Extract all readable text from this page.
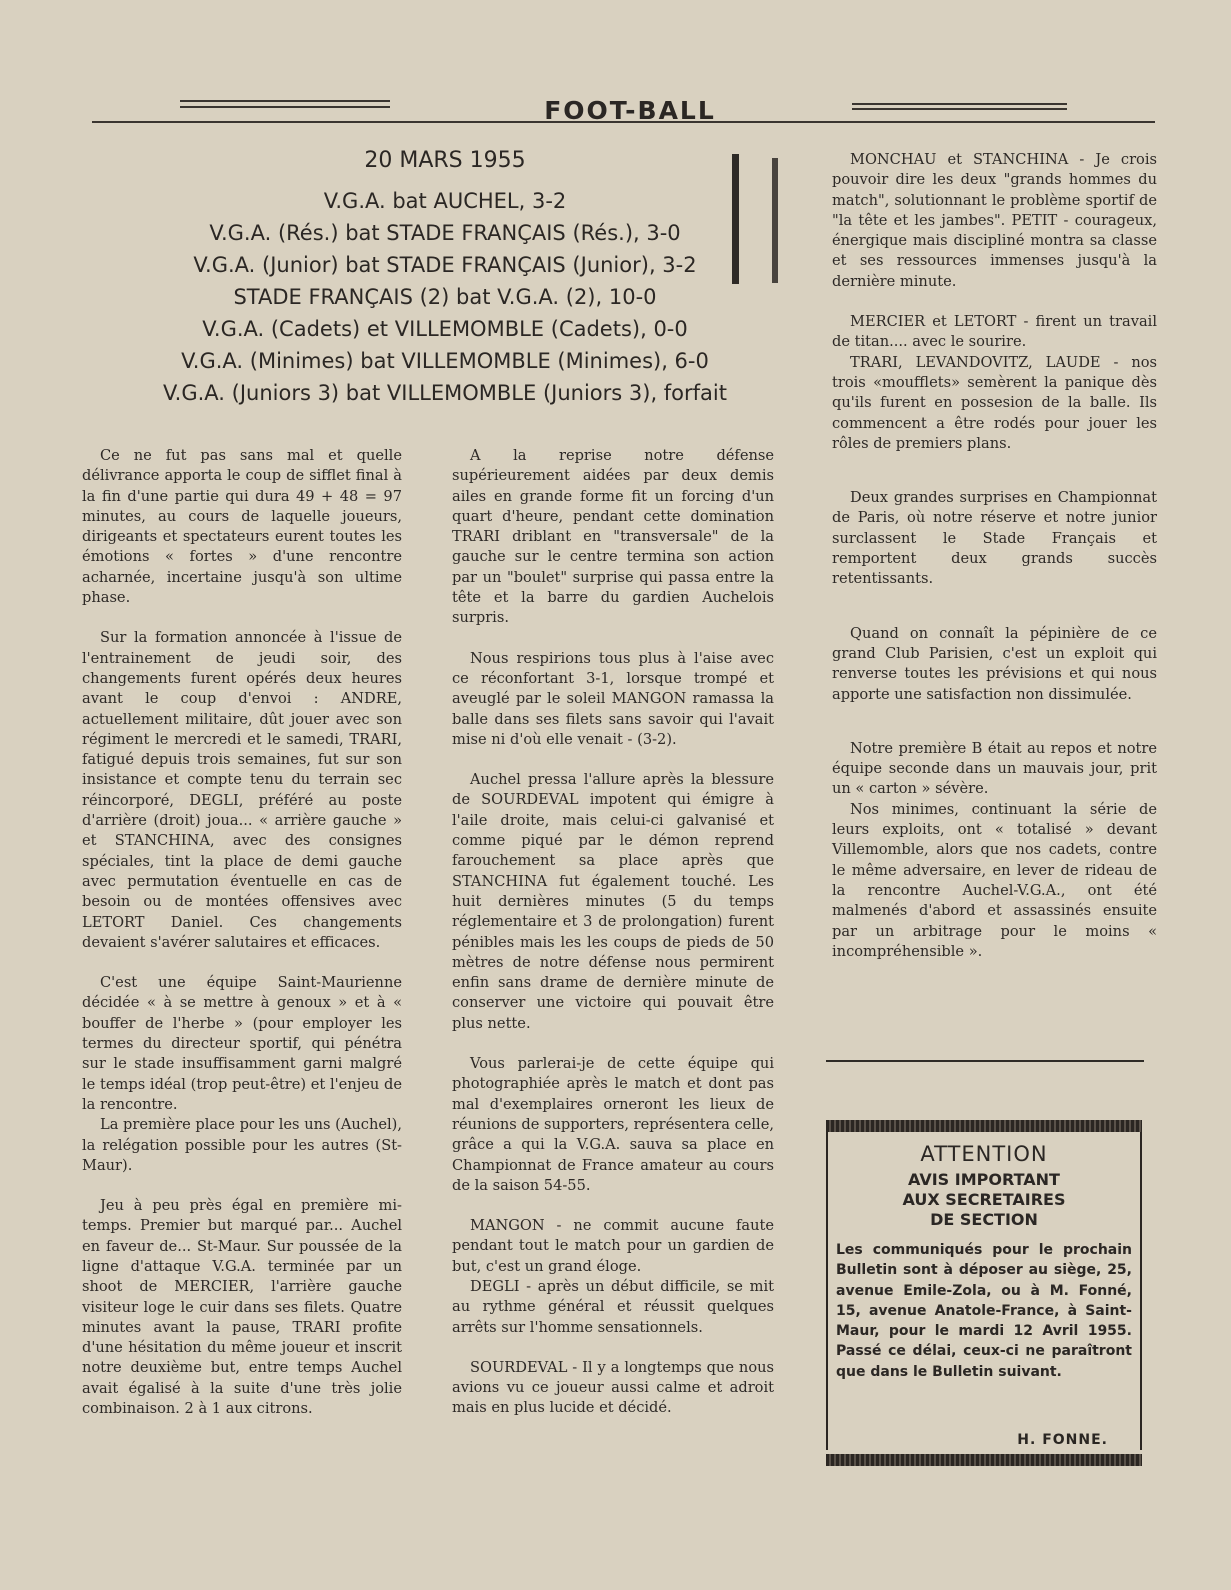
FOOT-BALL
20 MARS 1955
V.G.A. bat AUCHEL, 3-2
V.G.A. (Rés.) bat STADE FRANÇAIS (Rés.), 3-0
V.G.A. (Junior) bat STADE FRANÇAIS (Junior), 3-2
STADE FRANÇAIS (2) bat V.G.A. (2), 10-0
V.G.A. (Cadets) et VILLEMOMBLE (Cadets), 0-0
V.G.A. (Minimes) bat VILLEMOMBLE (Minimes), 6-0
V.G.A. (Juniors 3) bat VILLEMOMBLE (Juniors 3), forfait

Ce ne fut pas sans mal et quelle délivrance apporta le coup de sifflet final à la fin d'une partie qui dura 49 + 48 = 97 minutes, au cours de laquelle joueurs, dirigeants et spectateurs eurent toutes les émotions « fortes » d'une rencontre acharnée, incertaine jusqu'à son ultime phase.

Sur la formation annoncée à l'issue de l'entrainement de jeudi soir, des changements furent opérés deux heures avant le coup d'envoi : ANDRE, actuellement militaire, dût jouer avec son régiment le mercredi et le samedi, TRARI, fatigué depuis trois semaines, fut sur son insistance et compte tenu du terrain sec réincorporé, DEGLI, préféré au poste d'arrière (droit) joua... « arrière gauche » et STANCHINA, avec des consignes spéciales, tint la place de demi gauche avec permutation éventuelle en cas de besoin ou de montées offensives avec LETORT Daniel. Ces changements devaient s'avérer salutaires et efficaces.

C'est une équipe Saint-Maurienne décidée « à se mettre à genoux » et à « bouffer de l'herbe » (pour employer les termes du directeur sportif, qui pénétra sur le stade insuffisamment garni malgré le temps idéal (trop peut-être) et l'enjeu de la rencontre.

La première place pour les uns (Auchel), la relégation possible pour les autres (St-Maur).

Jeu à peu près égal en première mi-temps. Premier but marqué par... Auchel en faveur de... St-Maur. Sur poussée de la ligne d'attaque V.G.A. terminée par un shoot de MERCIER, l'arrière gauche visiteur loge le cuir dans ses filets. Quatre minutes avant la pause, TRARI profite d'une hésitation du même joueur et inscrit notre deuxième but, entre temps Auchel avait égalisé à la suite d'une très jolie combinaison. 2 à 1 aux citrons.

A la reprise notre défense supérieurement aidées par deux demis ailes en grande forme fit un forcing d'un quart d'heure, pendant cette domination TRARI driblant en "transversale" de la gauche sur le centre termina son action par un "boulet" surprise qui passa entre la tête et la barre du gardien Auchelois surpris.

Nous respirions tous plus à l'aise avec ce réconfortant 3-1, lorsque trompé et aveuglé par le soleil MANGON ramassa la balle dans ses filets sans savoir qui l'avait mise ni d'où elle venait - (3-2).

Auchel pressa l'allure après la blessure de SOURDEVAL impotent qui émigre à l'aile droite, mais celui-ci galvanisé et comme piqué par le démon reprend farouchement sa place après que STANCHINA fut également touché. Les huit dernières minutes (5 du temps réglementaire et 3 de prolongation) furent pénibles mais les les coups de pieds de 50 mètres de notre défense nous permirent enfin sans drame de dernière minute de conserver une victoire qui pouvait être plus nette.

Vous parlerai-je de cette équipe qui photographiée après le match et dont pas mal d'exemplaires orneront les lieux de réunions de supporters, représentera celle, grâce a qui la V.G.A. sauva sa place en Championnat de France amateur au cours de la saison 54-55.

MANGON - ne commit aucune faute pendant tout le match pour un gardien de but, c'est un grand éloge.

DEGLI - après un début difficile, se mit au rythme général et réussit quelques arrêts sur l'homme sensationnels.

SOURDEVAL - Il y a longtemps que nous avions vu ce joueur aussi calme et adroit mais en plus lucide et décidé.

MONCHAU et STANCHINA - Je crois pouvoir dire les deux "grands hommes du match", solutionnant le problème sportif de "la tête et les jambes". PETIT - courageux, énergique mais discipliné montra sa classe et ses ressources immenses jusqu'à la dernière minute.

MERCIER et LETORT - firent un travail de titan.... avec le sourire.

TRARI, LEVANDOVITZ, LAUDE - nos trois «moufflets» semèrent la panique dès qu'ils furent en possesion de la balle. Ils commencent a être rodés pour jouer les rôles de premiers plans.

Deux grandes surprises en Championnat de Paris, où notre réserve et notre junior surclassent le Stade Français et remportent deux grands succès retentissants.

Quand on connaît la pépinière de ce grand Club Parisien, c'est un exploit qui renverse toutes les prévisions et qui nous apporte une satisfaction non dissimulée.

Notre première B était au repos et notre équipe seconde dans un mauvais jour, prit un « carton » sévère.

Nos minimes, continuant la série de leurs exploits, ont « totalisé » devant Villemomble, alors que nos cadets, contre le même adversaire, en lever de rideau de la rencontre Auchel-V.G.A., ont été malmenés d'abord et assassinés ensuite par un arbitrage pour le moins « incompréhensible ».

ATTENTION
AVIS IMPORTANT
AUX SECRETAIRES
DE SECTION
Les communiqués pour le prochain Bulletin sont à déposer au siège, 25, avenue Emile-Zola, ou à M. Fonné, 15, avenue Anatole-France, à Saint-Maur, pour le mardi 12 Avril 1955. Passé ce délai, ceux-ci ne paraîtront que dans le Bulletin suivant.
H. FONNE.
